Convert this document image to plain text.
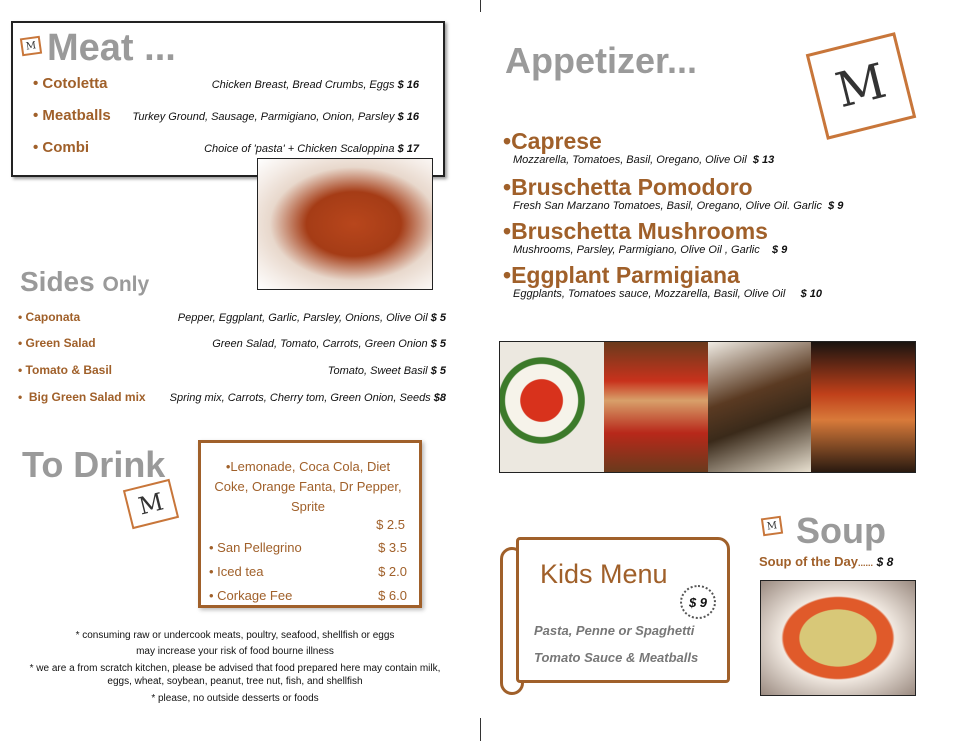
M Meat ...
• Cotoletta	Chicken Breast, Bread Crumbs, Eggs $ 16
• Meatballs Turkey Ground, Sausage, Parmigiano, Onion, Parsley $ 16
• Combi	Choice of 'pasta' + Chicken Scaloppina $ 17
Sides Only
• Caponata	Pepper, Eggplant, Garlic, Parsley, Onions, Olive Oil $ 5
• Green Salad	Green Salad, Tomato, Carrots, Green Onion $ 5
• Tomato & Basil	Tomato, Sweet Basil $ 5
•  Big Green Salad mix Spring mix, Carrots, Cherry tom, Green Onion, Seeds $8
To Drink
M
•Lemonade, Coca Cola, Diet Coke, Orange Fanta, Dr Pepper, Sprite
$ 2.5
• San Pellegrino	$ 3.5
• Iced tea	$ 2.0
• Corkage Fee	$ 6.0
* consuming raw or undercook meats, poultry, seafood, shellfish or eggs
may increase your risk of food bourne illness
* we are a from scratch kitchen, please be advised that food prepared here may contain milk, eggs, wheat, soybean, peanut, tree nut, fish, and shellfish
* please, no outside desserts or foods
Appetizer...	M
•Caprese
Mozzarella, Tomatoes, Basil, Oregano, Olive Oil $ 13
•Bruschetta Pomodoro
Fresh San Marzano Tomatoes, Basil, Oregano, Olive Oil. Garlic $ 9
•Bruschetta Mushrooms
Mushrooms, Parsley, Parmigiano, Olive Oil , Garlic $ 9
•Eggplant Parmigiana
Eggplants, Tomatoes sauce, Mozzarella, Basil, Olive Oil $ 10
Kids Menu
$ 9
Pasta, Penne or Spaghetti
Tomato Sauce & Meatballs
M Soup
Soup of the Day...... $ 8
